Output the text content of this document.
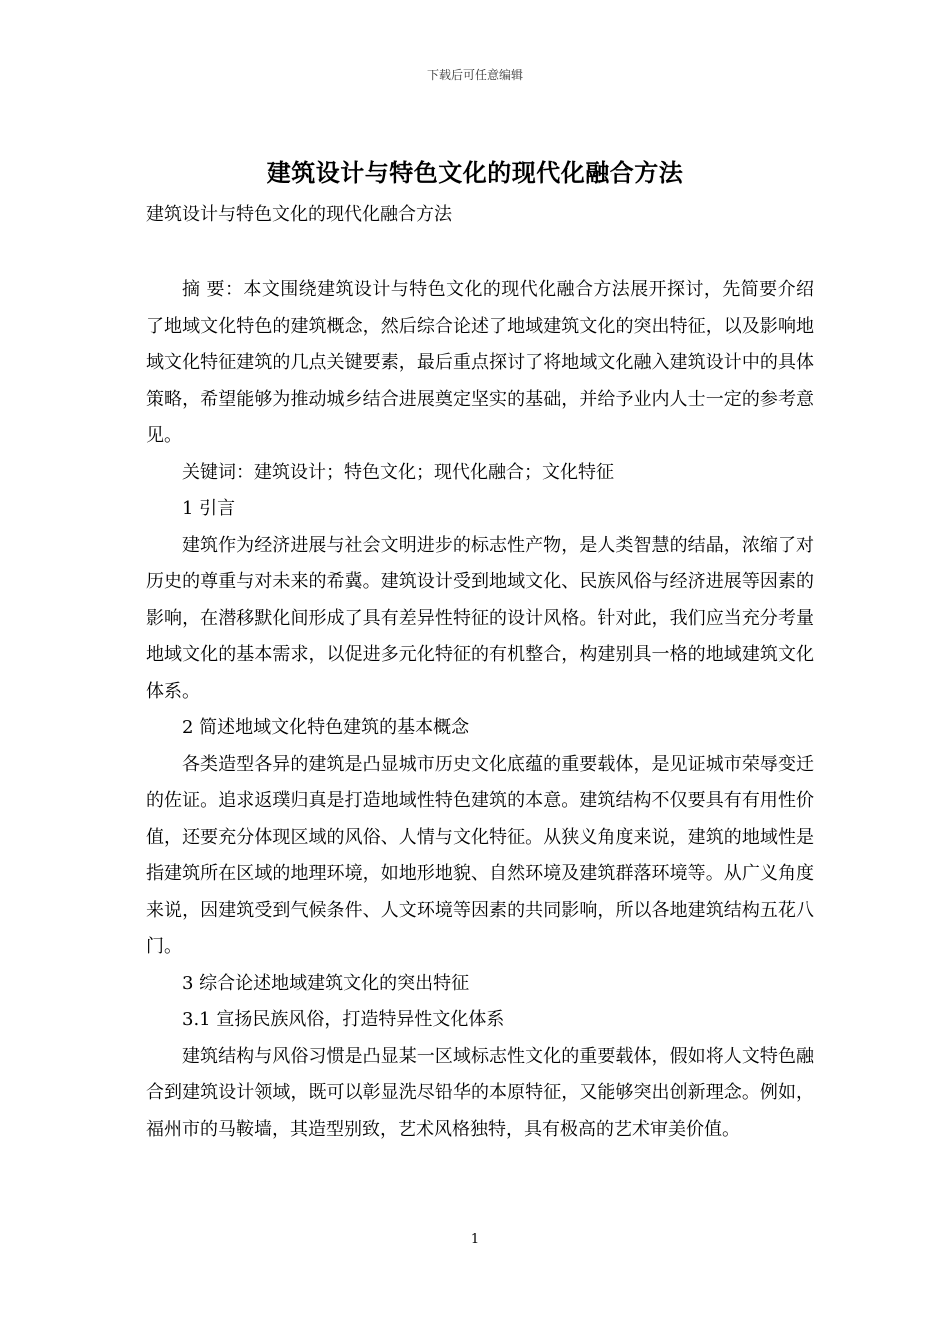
下载后可任意编辑
建筑设计与特色文化的现代化融合方法
建筑设计与特色文化的现代化融合方法

摘 要：本文围绕建筑设计与特色文化的现代化融合方法展开探讨，先简要介绍了地域文化特色的建筑概念，然后综合论述了地域建筑文化的突出特征，以及影响地域文化特征建筑的几点关键要素，最后重点探讨了将地域文化融入建筑设计中的具体策略，希望能够为推动城乡结合进展奠定坚实的基础，并给予业内人士一定的参考意见。

关键词：建筑设计；特色文化；现代化融合；文化特征

1 引言

建筑作为经济进展与社会文明进步的标志性产物，是人类智慧的结晶，浓缩了对历史的尊重与对未来的希冀。建筑设计受到地域文化、民族风俗与经济进展等因素的影响，在潜移默化间形成了具有差异性特征的设计风格。针对此，我们应当充分考量地域文化的基本需求，以促进多元化特征的有机整合，构建别具一格的地域建筑文化体系。

2 简述地域文化特色建筑的基本概念

各类造型各异的建筑是凸显城市历史文化底蕴的重要载体，是见证城市荣辱变迁的佐证。追求返璞归真是打造地域性特色建筑的本意。建筑结构不仅要具有有用性价值，还要充分体现区域的风俗、人情与文化特征。从狭义角度来说，建筑的地域性是指建筑所在区域的地理环境，如地形地貌、自然环境及建筑群落环境等。从广义角度来说，因建筑受到气候条件、人文环境等因素的共同影响，所以各地建筑结构五花八门。

3 综合论述地域建筑文化的突出特征

3.1 宣扬民族风俗，打造特异性文化体系

建筑结构与风俗习惯是凸显某一区域标志性文化的重要载体，假如将人文特色融合到建筑设计领域，既可以彰显洗尽铅华的本原特征，又能够突出创新理念。例如，福州市的马鞍墙，其造型别致，艺术风格独特，具有极高的艺术审美价值。

1
